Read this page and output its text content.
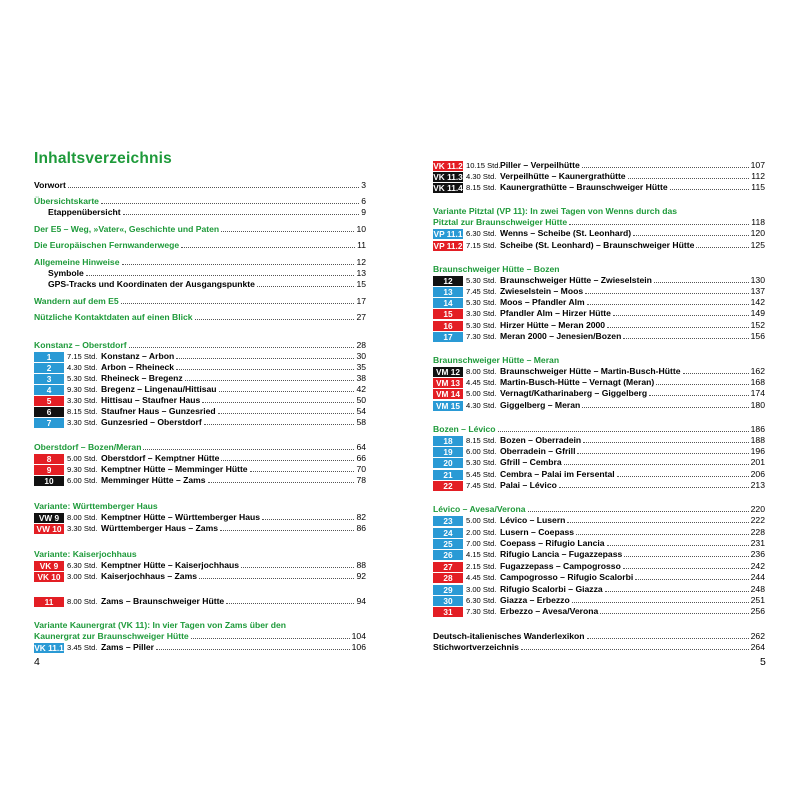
Inhaltsverzeichnis
Vorwort	3
Übersichtskarte	6
Etappenübersicht	9
Der E5 – Weg, »Vater«, Geschichte und Paten	10
Die Europäischen Fernwanderwege	11
Allgemeine Hinweise	12
Symbole	13
GPS-Tracks und Koordinaten der Ausgangspunkte	15
Wandern auf dem E5	17
Nützliche Kontaktdaten auf einen Blick	27
Konstanz – Oberstdorf	28
1	7.15 Std. Konstanz – Arbon	30
2	4.30 Std. Arbon – Rheineck	35
3	5.30 Std. Rheineck – Bregenz	38
4	9.30 Std. Bregenz – Lingenau/Hittisau	42
5	3.30 Std. Hittisau – Staufner Haus	50
6	8.15 Std. Staufner Haus – Gunzesried	54
7	3.30 Std. Gunzesried – Oberstdorf	58
Oberstdorf – Bozen/Meran	64
8	5.00 Std. Oberstdorf – Kemptner Hütte	66
9	9.30 Std. Kemptner Hütte – Memminger Hütte	70
10	6.00 Std. Memminger Hütte – Zams	78
Variante: Württemberger Haus
VW 9	8.00 Std. Kemptner Hütte – Württemberger Haus	82
VW 10 3.30 Std. Württemberger Haus – Zams	86
Variante: Kaiserjochhaus
VK 9	6.30 Std. Kemptner Hütte – Kaiserjochhaus	88
VK 10 3.00 Std. Kaiserjochhaus – Zams	92
11	8.00 Std. Zams – Braunschweiger Hütte	94
Variante Kaunergrat (VK 11): In vier Tagen von Zams über den
Kaunergrat zur Braunschweiger Hütte	104
VK 11.1 3.45 Std. Zams – Piller	106
VK 11.2 10.15 Std. Piller – Verpeilhütte	107
VK 11.3 4.30 Std. Verpeilhütte – Kaunergrathütte	112
VK 11.4 8.15 Std. Kaunergrathütte – Braunschweiger Hütte	115
Variante Pitztal (VP 11): In zwei Tagen von Wenns durch das
Pitztal zur Braunschweiger Hütte	118
VP 11.1 6.30 Std. Wenns – Scheibe (St. Leonhard)	120
VP 11.2 7.15 Std. Scheibe (St. Leonhard) – Braunschweiger Hütte	125
Braunschweiger Hütte – Bozen
12	5.30 Std. Braunschweiger Hütte – Zwieselstein	130
13	7.45 Std. Zwieselstein – Moos	137
14	5.30 Std. Moos – Pfandler Alm	142
15	3.30 Std. Pfandler Alm – Hirzer Hütte	149
16	5.30 Std. Hirzer Hütte – Meran 2000	152
17	7.30 Std. Meran 2000 – Jenesien/Bozen	156
Braunschweiger Hütte – Meran
VM 12 8.00 Std. Braunschweiger Hütte – Martin-Busch-Hütte	162
VM 13 4.45 Std. Martin-Busch-Hütte – Vernagt (Meran)	168
VM 14 5.00 Std. Vernagt/Katharinaberg – Giggelberg	174
VM 15 4.30 Std. Giggelberg – Meran	180
Bozen – Lévico	186
18	8.15 Std. Bozen – Oberradein	188
19	6.00 Std. Oberradein – Gfrill	196
20	5.30 Std. Gfrill – Cembra	201
21	5.45 Std. Cembra – Palai im Fersental	206
22	7.45 Std. Palai – Lévico	213
Lévico – Avesa/Verona	220
23	5.00 Std. Lévico – Lusern	222
24	2.00 Std. Lusern – Coepass	228
25	7.00 Std. Coepass – Rifugio Lancia	231
26	4.15 Std. Rifugio Lancia – Fugazzepass	236
27	2.15 Std. Fugazzepass – Campogrosso	242
28	4.45 Std. Campogrosso – Rifugio Scalorbi	244
29	3.00 Std. Rifugio Scalorbi – Giazza	248
30	6.30 Std. Giazza – Erbezzo	251
31	7.30 Std. Erbezzo – Avesa/Verona	256
Deutsch-italienisches Wanderlexikon	262
Stichwortverzeichnis	264
4	5
